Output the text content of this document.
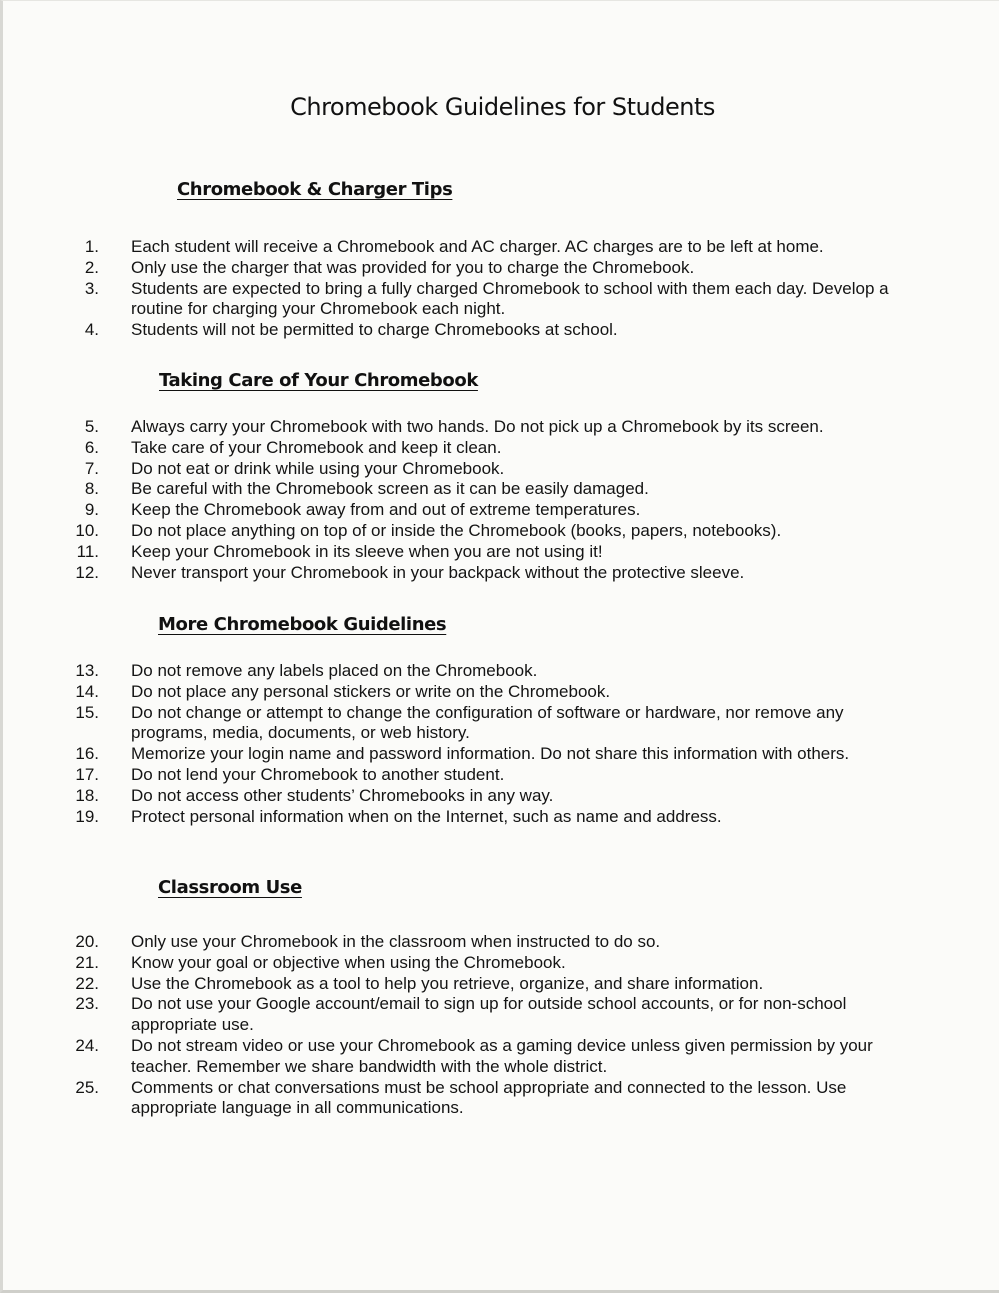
Chromebook Guidelines for Students
Chromebook & Charger Tips
1.	Each student will receive a Chromebook and AC charger. AC charges are to be left at home.
2.	Only use the charger that was provided for you to charge the Chromebook.
3.	Students are expected to bring a fully charged Chromebook to school with them each day. Develop a routine for charging your Chromebook each night.
4.	Students will not be permitted to charge Chromebooks at school.
Taking Care of Your Chromebook
5.	Always carry your Chromebook with two hands. Do not pick up a Chromebook by its screen.
6.	Take care of your Chromebook and keep it clean.
7.	Do not eat or drink while using your Chromebook.
8.	Be careful with the Chromebook screen as it can be easily damaged.
9.	Keep the Chromebook away from and out of extreme temperatures.
10.	Do not place anything on top of or inside the Chromebook (books, papers, notebooks).
11.	Keep your Chromebook in its sleeve when you are not using it!
12.	Never transport your Chromebook in your backpack without the protective sleeve.
More Chromebook Guidelines
13.	Do not remove any labels placed on the Chromebook.
14.	Do not place any personal stickers or write on the Chromebook.
15.	Do not change or attempt to change the configuration of software or hardware, nor remove any programs, media, documents, or web history.
16.	Memorize your login name and password information. Do not share this information with others.
17.	Do not lend your Chromebook to another student.
18.	Do not access other students’ Chromebooks in any way.
19.	Protect personal information when on the Internet, such as name and address.
Classroom Use
20.	Only use your Chromebook in the classroom when instructed to do so.
21.	Know your goal or objective when using the Chromebook.
22.	Use the Chromebook as a tool to help you retrieve, organize, and share information.
23.	Do not use your Google account/email to sign up for outside school accounts, or for non-school appropriate use.
24.	Do not stream video or use your Chromebook as a gaming device unless given permission by your teacher. Remember we share bandwidth with the whole district.
25.	Comments or chat conversations must be school appropriate and connected to the lesson. Use appropriate language in all communications.
